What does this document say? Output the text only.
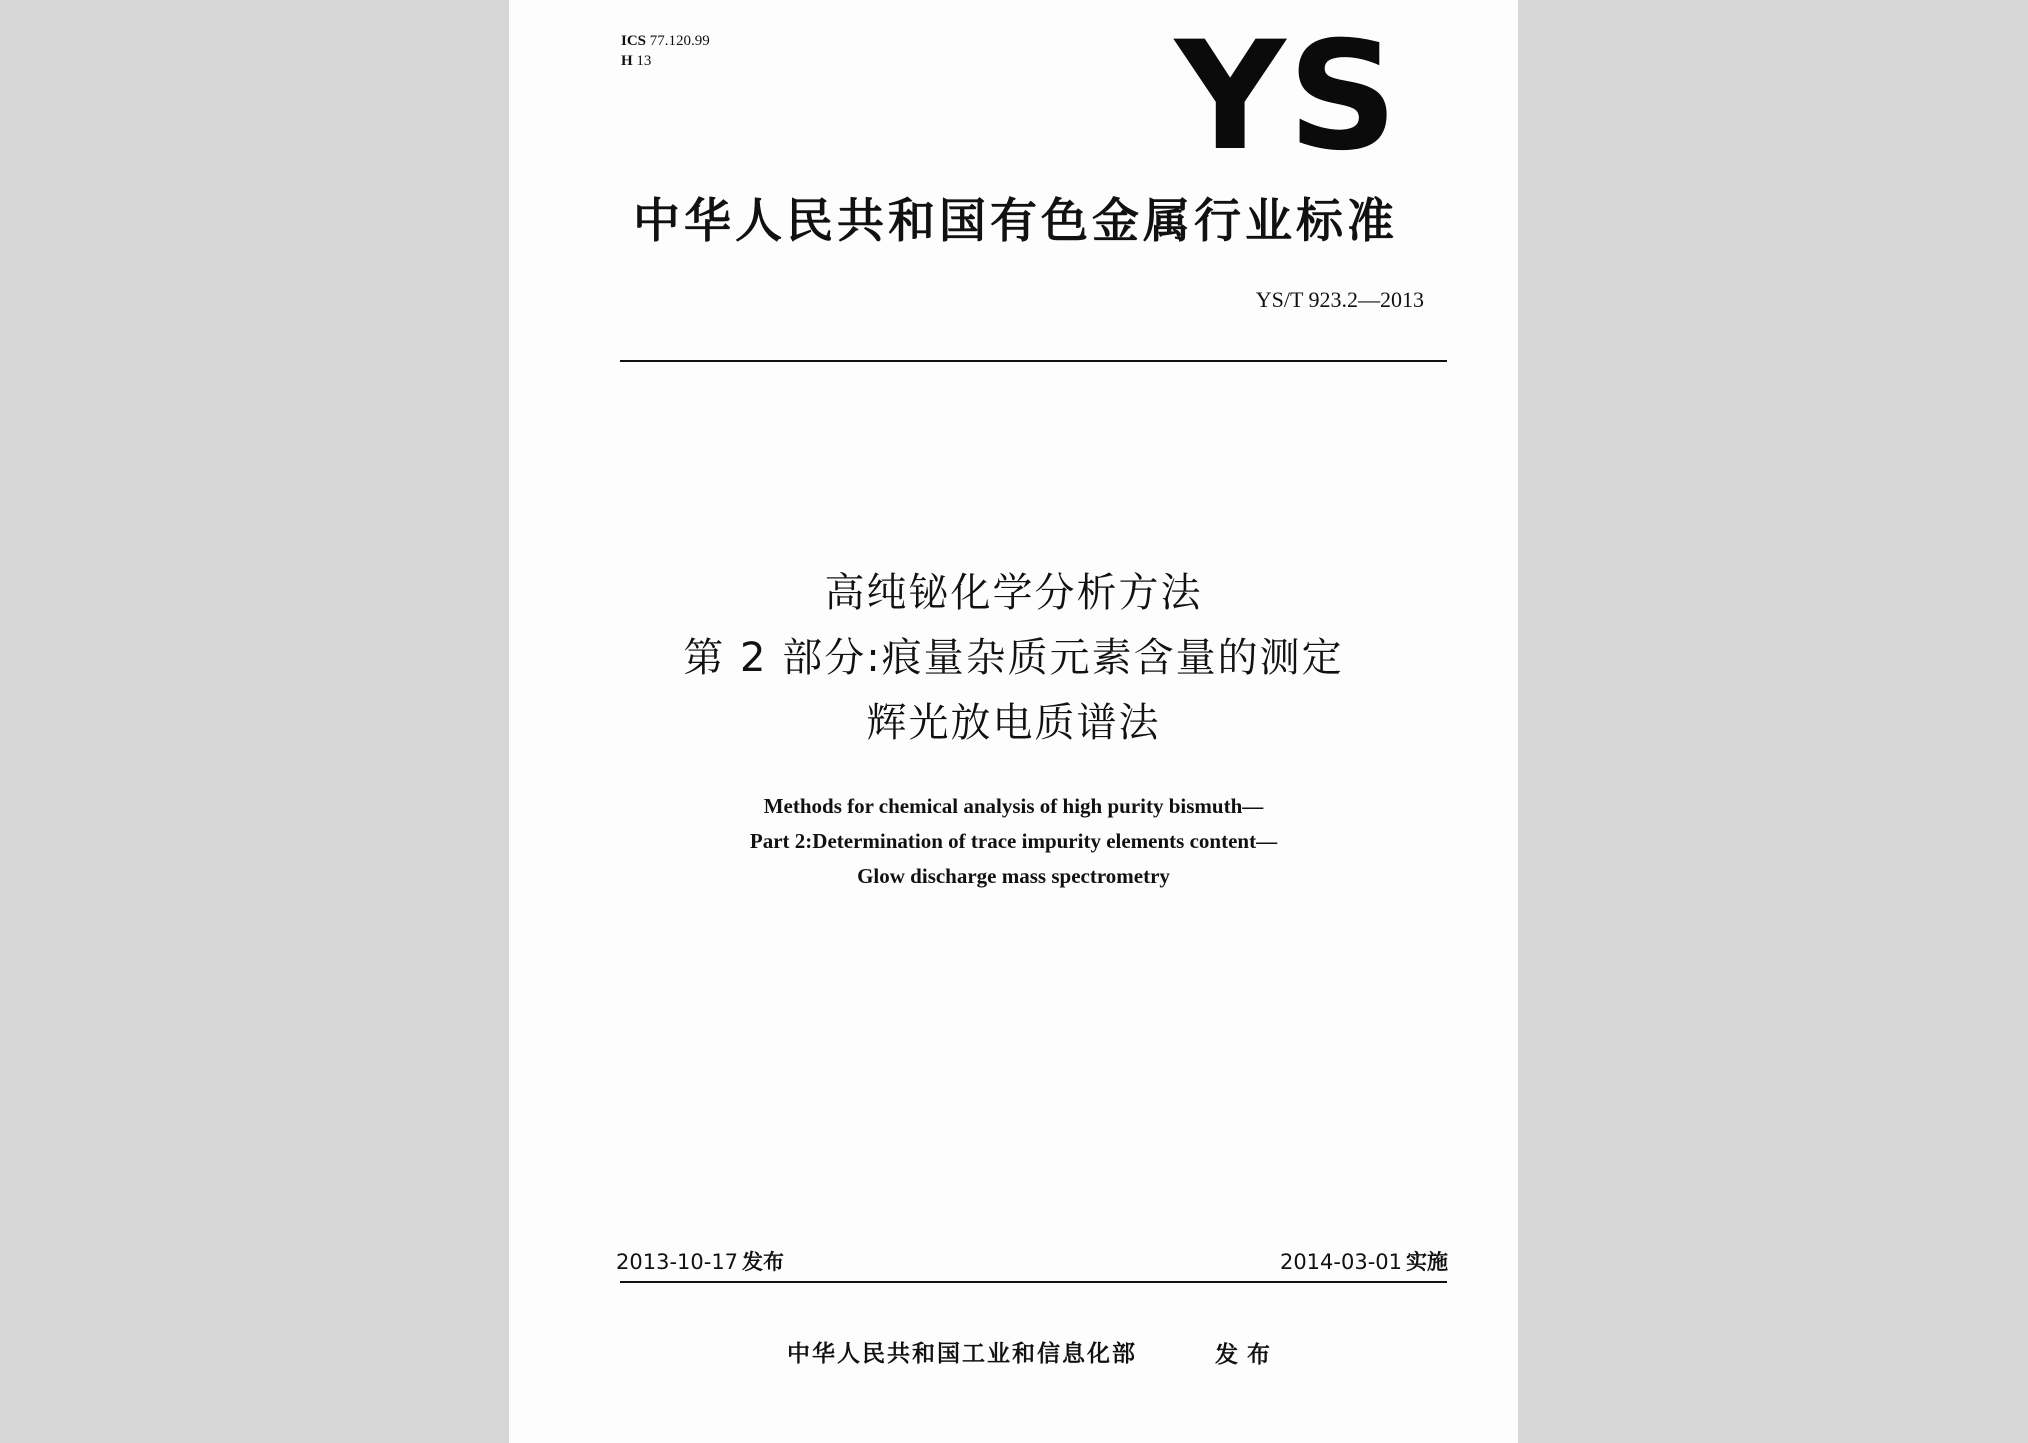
ICS 77.120.99
H 13	YS
中华人民共和国有色金属行业标准
YS/T 923.2—2013
高纯铋化学分析方法
第 2 部分:痕量杂质元素含量的测定
辉光放电质谱法
Methods for chemical analysis of high purity bismuth—
Part 2:Determination of trace impurity elements content—
Glow discharge mass spectrometry
2013-10-17 发布	2014-03-01 实施
中华人民共和国工业和信息化部	发布
